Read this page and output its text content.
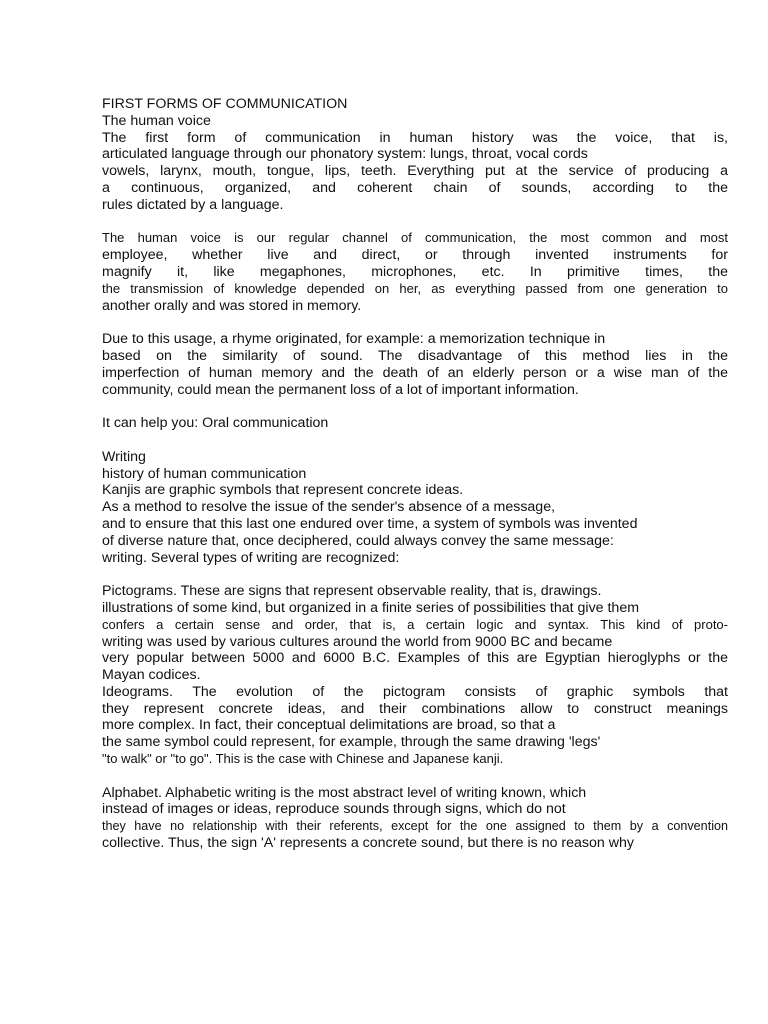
FIRST FORMS OF COMMUNICATION
The human voice
The first form of communication in human history was the voice, that is,
articulated language through our phonatory system: lungs, throat, vocal cords
vowels, larynx, mouth, tongue, lips, teeth. Everything put at the service of producing a
a continuous, organized, and coherent chain of sounds, according to the
rules dictated by a language.
The human voice is our regular channel of communication, the most common and most
employee, whether live and direct, or through invented instruments for
magnify it, like megaphones, microphones, etc. In primitive times, the
the transmission of knowledge depended on her, as everything passed from one generation to
another orally and was stored in memory.
Due to this usage, a rhyme originated, for example: a memorization technique in
based on the similarity of sound. The disadvantage of this method lies in the
imperfection of human memory and the death of an elderly person or a wise man of the
community, could mean the permanent loss of a lot of important information.
It can help you: Oral communication
Writing
history of human communication
Kanjis are graphic symbols that represent concrete ideas.
As a method to resolve the issue of the sender's absence of a message,
and to ensure that this last one endured over time, a system of symbols was invented
of diverse nature that, once deciphered, could always convey the same message:
writing. Several types of writing are recognized:
Pictograms. These are signs that represent observable reality, that is, drawings.
illustrations of some kind, but organized in a finite series of possibilities that give them
confers a certain sense and order, that is, a certain logic and syntax. This kind of proto-
writing was used by various cultures around the world from 9000 BC and became
very popular between 5000 and 6000 B.C. Examples of this are Egyptian hieroglyphs or the
Mayan codices.
Ideograms. The evolution of the pictogram consists of graphic symbols that
they represent concrete ideas, and their combinations allow to construct meanings
more complex. In fact, their conceptual delimitations are broad, so that a
the same symbol could represent, for example, through the same drawing 'legs'
"to walk" or "to go". This is the case with Chinese and Japanese kanji.
Alphabet. Alphabetic writing is the most abstract level of writing known, which
instead of images or ideas, reproduce sounds through signs, which do not
they have no relationship with their referents, except for the one assigned to them by a convention
collective. Thus, the sign 'A' represents a concrete sound, but there is no reason why
